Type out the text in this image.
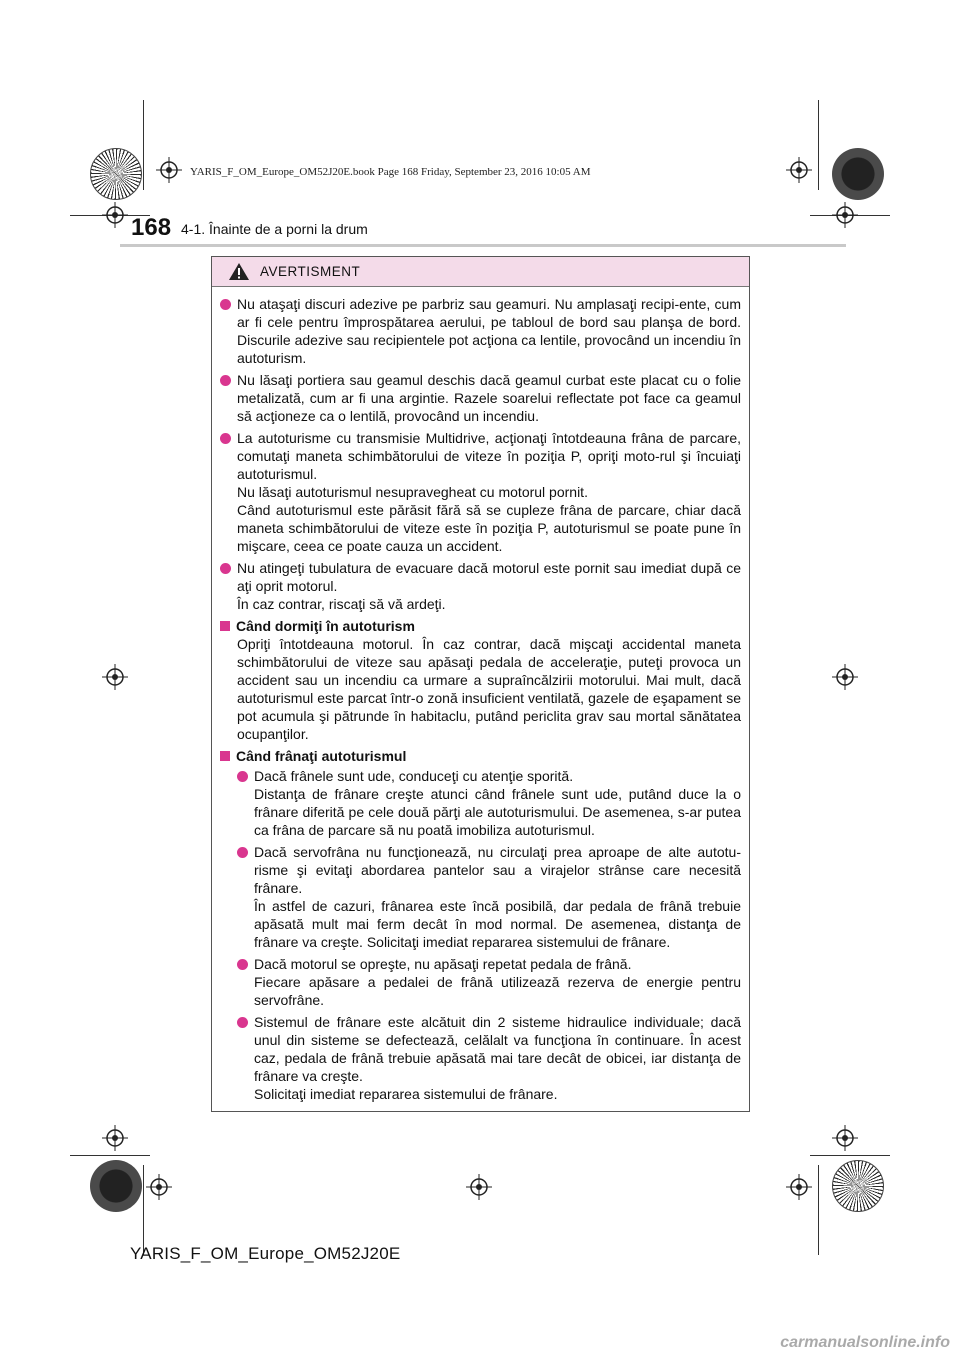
YARIS_F_OM_Europe_OM52J20E.book Page 168 Friday, September 23, 2016 10:05 AM
168 4-1. Înainte de a porni la drum
AVERTISMENT

Nu ataşaţi discuri adezive pe parbriz sau geamuri. Nu amplasaţi recipi-ente, cum ar fi cele pentru împrospătarea aerului, pe tabloul de bord sau planşa de bord. Discurile adezive sau recipientele pot acţiona ca lentile, provocând un incendiu în autoturism.

Nu lăsaţi portiera sau geamul deschis dacă geamul curbat este placat cu o folie metalizată, cum ar fi una argintie. Razele soarelui reflectate pot face ca geamul să acţioneze ca o lentilă, provocând un incendiu.

La autoturisme cu transmisie Multidrive, acţionaţi întotdeauna frâna de parcare, comutaţi maneta schimbătorului de viteze în poziţia P, opriţi moto-rul şi încuiaţi autoturismul.

Nu lăsaţi autoturismul nesupravegheat cu motorul pornit.

Când autoturismul este părăsit fără să se cupleze frâna de parcare, chiar dacă maneta schimbătorului de viteze este în poziţia P, autoturismul se poate pune în mişcare, ceea ce poate cauza un accident.

Nu atingeţi tubulatura de evacuare dacă motorul este pornit sau imediat după ce aţi oprit motorul.

În caz contrar, riscaţi să vă ardeţi.

Când dormiţi în autoturism
Opriţi întotdeauna motorul. În caz contrar, dacă mişcaţi accidental maneta schimbătorului de viteze sau apăsaţi pedala de acceleraţie, puteţi provoca un accident sau un incendiu ca urmare a supraîncălzirii motorului. Mai mult, dacă autoturismul este parcat într-o zonă insuficient ventilată, gazele de eşapament se pot acumula şi pătrunde în habitaclu, putând periclita grav sau mortal sănătatea ocupanţilor.
Când frânaţi autoturismul

Dacă frânele sunt ude, conduceţi cu atenţie sporită.

Distanţa de frânare creşte atunci când frânele sunt ude, putând duce la o frânare diferită pe cele două părţi ale autoturismului. De asemenea, s-ar putea ca frâna de parcare să nu poată imobiliza autoturismul.

Dacă servofrâna nu funcţionează, nu circulaţi prea aproape de alte autotu-risme şi evitaţi abordarea pantelor sau a virajelor strânse care necesită frânare.

În astfel de cazuri, frânarea este încă posibilă, dar pedala de frână trebuie apăsată mult mai ferm decât în mod normal. De asemenea, distanţa de frânare va creşte. Solicitaţi imediat repararea sistemului de frânare.

Dacă motorul se opreşte, nu apăsaţi repetat pedala de frână.

Fiecare apăsare a pedalei de frână utilizează rezerva de energie pentru servofrâne.

Sistemul de frânare este alcătuit din 2 sisteme hidraulice individuale; dacă unul din sisteme se defectează, celălalt va funcţiona în continuare. În acest caz, pedala de frână trebuie apăsată mai tare decât de obicei, iar distanţa de frânare va creşte.

Solicitaţi imediat repararea sistemului de frânare.

YARIS_F_OM_Europe_OM52J20E
carmanualsonline.info
